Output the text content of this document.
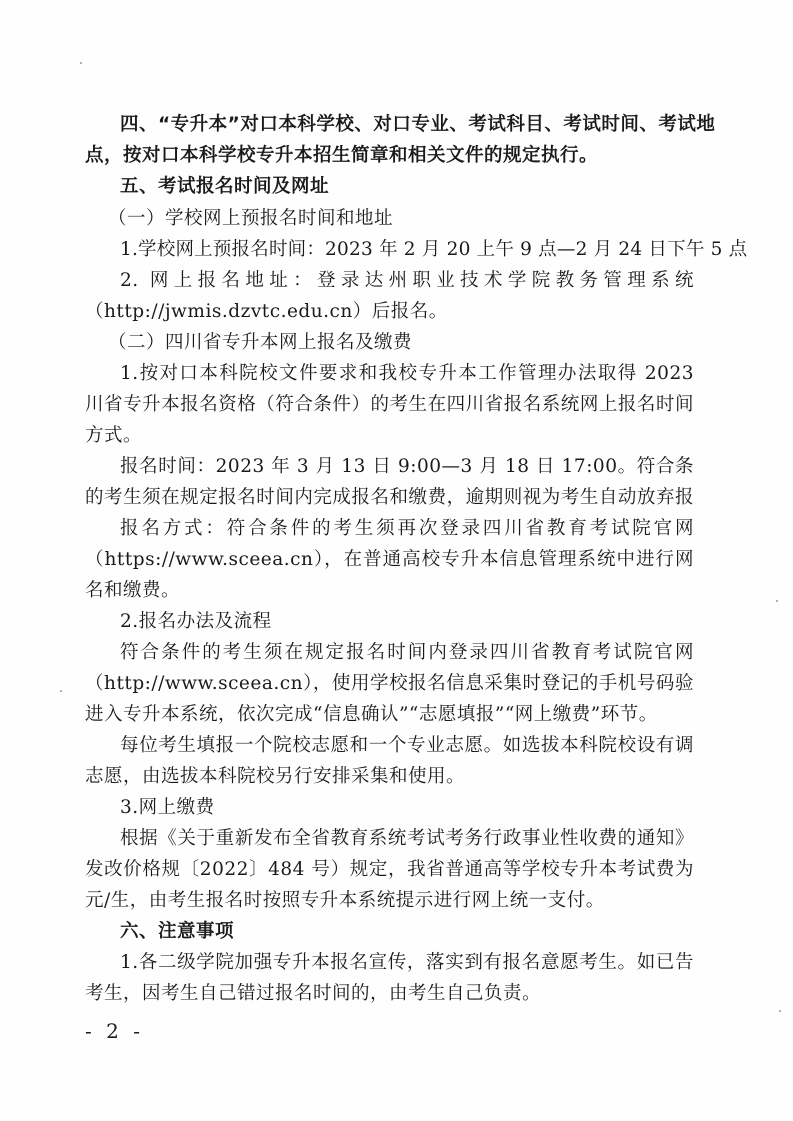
四、“专升本”对口本科学校、对口专业、考试科目、考试时间、考试地
点，按对口本科学校专升本招生简章和相关文件的规定执行。
五、考试报名时间及网址
（一）学校网上预报名时间和地址
1.学校网上预报名时间：2023 年 2 月 20 上午 9 点—2 月 24 日下午 5 点
2. 网上报名地址：登录达州职业技术学院教务管理系统
（http://jwmis.dzvtc.edu.cn）后报名。
（二）四川省专升本网上报名及缴费
1.按对口本科院校文件要求和我校专升本工作管理办法取得 2023
川省专升本报名资格（符合条件）的考生在四川省报名系统网上报名时间
方式。
报名时间：2023 年 3 月 13 日 9:00—3 月 18 日 17:00。符合条
的考生须在规定报名时间内完成报名和缴费，逾期则视为考生自动放弃报
报名方式：符合条件的考生须再次登录四川省教育考试院官网
（https://www.sceea.cn），在普通高校专升本信息管理系统中进行网
名和缴费。
2.报名办法及流程
符合条件的考生须在规定报名时间内登录四川省教育考试院官网
（http://www.sceea.cn），使用学校报名信息采集时登记的手机号码验
进入专升本系统，依次完成“信息确认”“志愿填报”“网上缴费”环节。
每位考生填报一个院校志愿和一个专业志愿。如选拔本科院校设有调
志愿，由选拔本科院校另行安排采集和使用。
3.网上缴费
根据《关于重新发布全省教育系统考试考务行政事业性收费的通知》
发改价格规〔2022〕484 号）规定，我省普通高等学校专升本考试费为
元/生，由考生报名时按照专升本系统提示进行网上统一支付。
六、注意事项
1.各二级学院加强专升本报名宣传，落实到有报名意愿考生。如已告
考生，因考生自己错过报名时间的，由考生自己负责。
- 2 -
